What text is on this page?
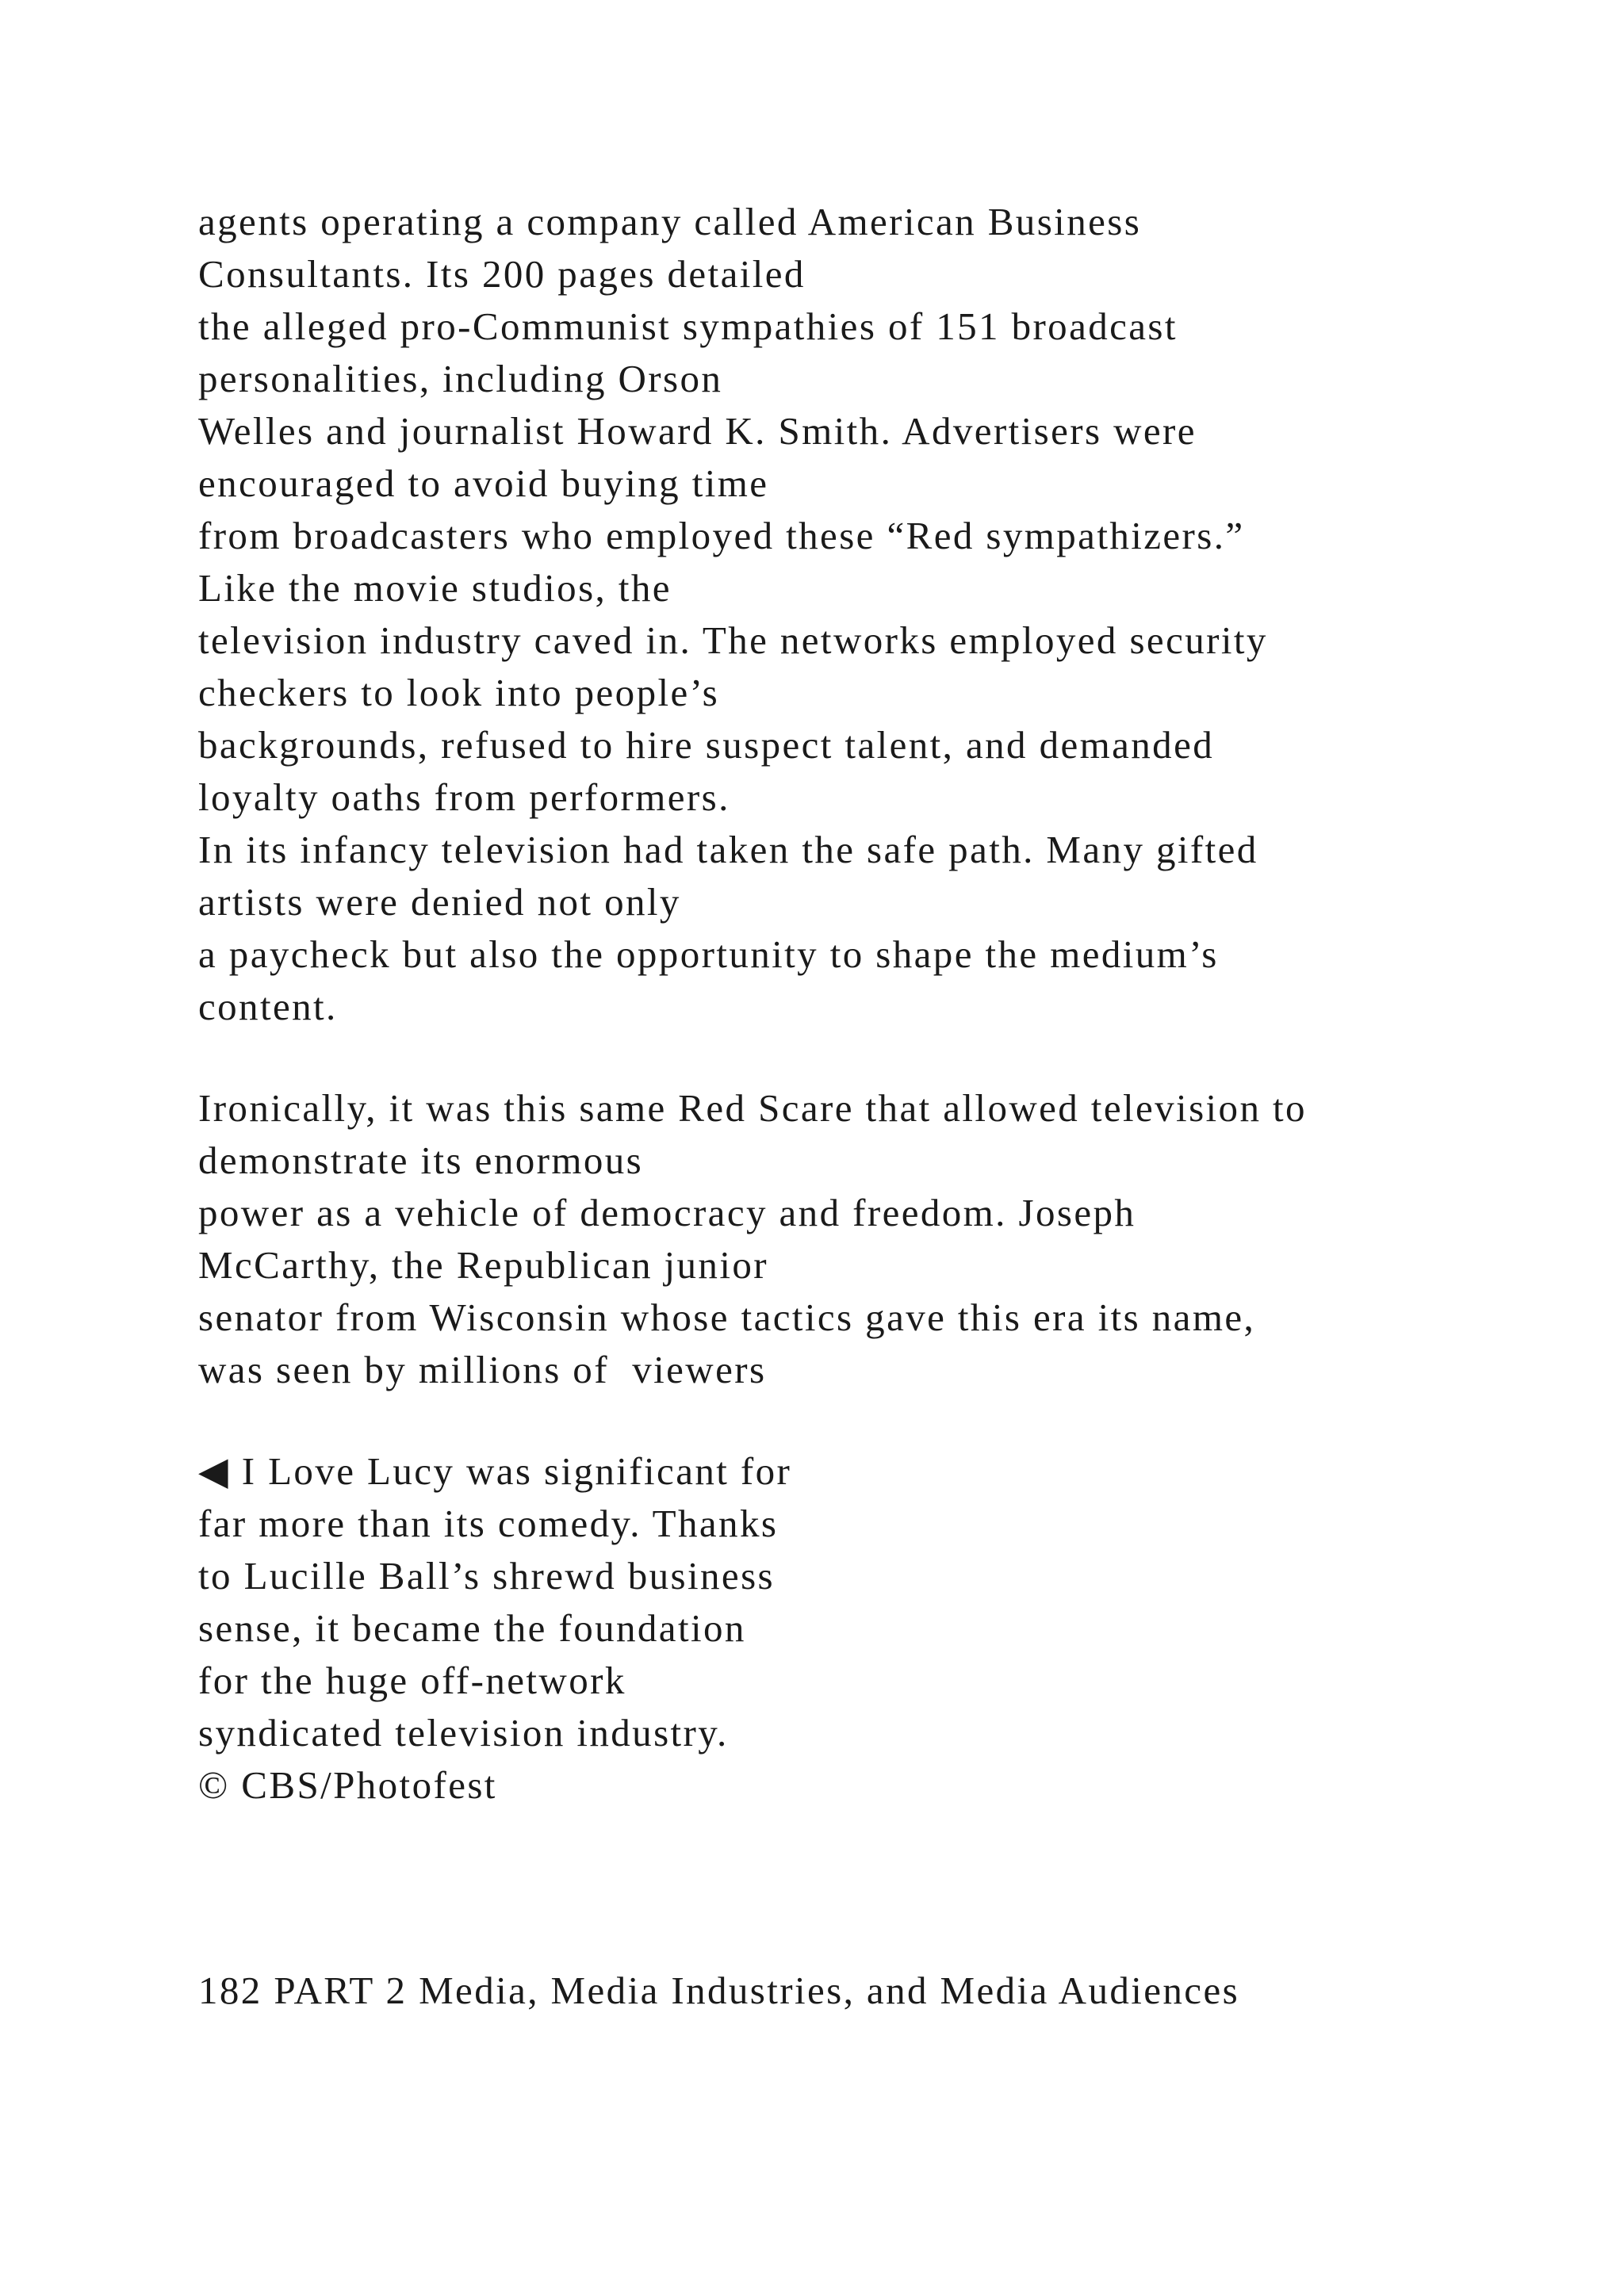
agents operating a company called American Business
Consultants. Its 200 pages detailed
the alleged pro-Communist sympathies of 151 broadcast
personalities, including Orson
Welles and journalist Howard K. Smith. Advertisers were
encouraged to avoid buying time
from broadcasters who employed these “Red sympathizers.”
Like the movie studios, the
television industry caved in. The networks employed security
checkers to look into people’s
backgrounds, refused to hire suspect talent, and demanded
loyalty oaths from performers.
In its infancy television had taken the safe path. Many gifted
artists were denied not only
a paycheck but also the opportunity to shape the medium’s
content.

Ironically, it was this same Red Scare that allowed television to
demonstrate its enormous
power as a vehicle of democracy and freedom. Joseph
McCarthy, the Republican junior
senator from Wisconsin whose tactics gave this era its name,
was seen by millions of  viewers

◀ I Love Lucy was significant for
far more than its comedy. Thanks
to Lucille Ball’s shrewd business
sense, it became the foundation
for the huge off-network
syndicated television industry.
© CBS/Photofest

182 PART 2 Media, Media Industries, and Media Audiences
